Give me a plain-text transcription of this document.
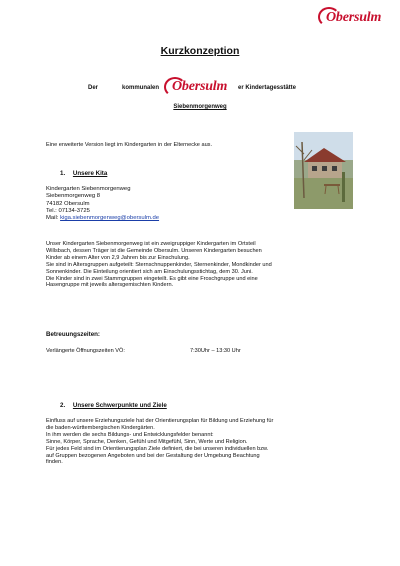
Obersulm
Kurzkonzeption
Der	kommunalen Obersulm er Kindertagesstätte
Siebenmorgenweg
Eine erweiterte Version liegt im Kindergarten in der Elternecke aus.
1. Unsere Kita
Kindergarten Siebenmorgenweg
Siebenmorgenweg 8
74182 Obersulm
Tel.: 07134-3725
Mail: kiga.siebenmorgenweg@obersulm.de
Unser Kindergarten Siebenmorgenweg ist ein zweigruppiger Kindergarten im Ortsteil
Willsbach, dessen Träger ist die Gemeinde Obersulm. Unseren Kindergarten besuchen
Kinder ab einem Alter von 2,9 Jahren bis zur Einschulung.
Sie sind in Altersgruppen aufgeteilt: Sternschnuppenkinder, Sternenkinder, Mondkinder und
Sonnenkinder. Die Einteilung orientiert sich am Einschulungsstichtag, dem 30. Juni.
Die Kinder sind in zwei Stammgruppen eingeteilt. Es gibt eine Froschgruppe und eine
Hasengruppe mit jeweils altersgemischten Kindern.
Betreuungszeiten:
Verlängerte Öffnungszeiten VÖ:	7:30Uhr – 13:30 Uhr
2. Unsere Schwerpunkte und Ziele
Einfluss auf unsere Erziehungsziele hat der Orientierungsplan für Bildung und Erziehung für
die baden-württembergischen Kindergärten.
In ihm werden die sechs Bildungs- und Entwicklungsfelder benannt:
Sinne, Körper, Sprache, Denken, Gefühl und Mitgefühl, Sinn, Werte und Religion.
Für jedes Feld sind im Orientierungsplan Ziele definiert, die bei unseren individuellen bzw.
auf Gruppen bezogenen Angeboten und bei der Gestaltung der Umgebung Beachtung
finden.
